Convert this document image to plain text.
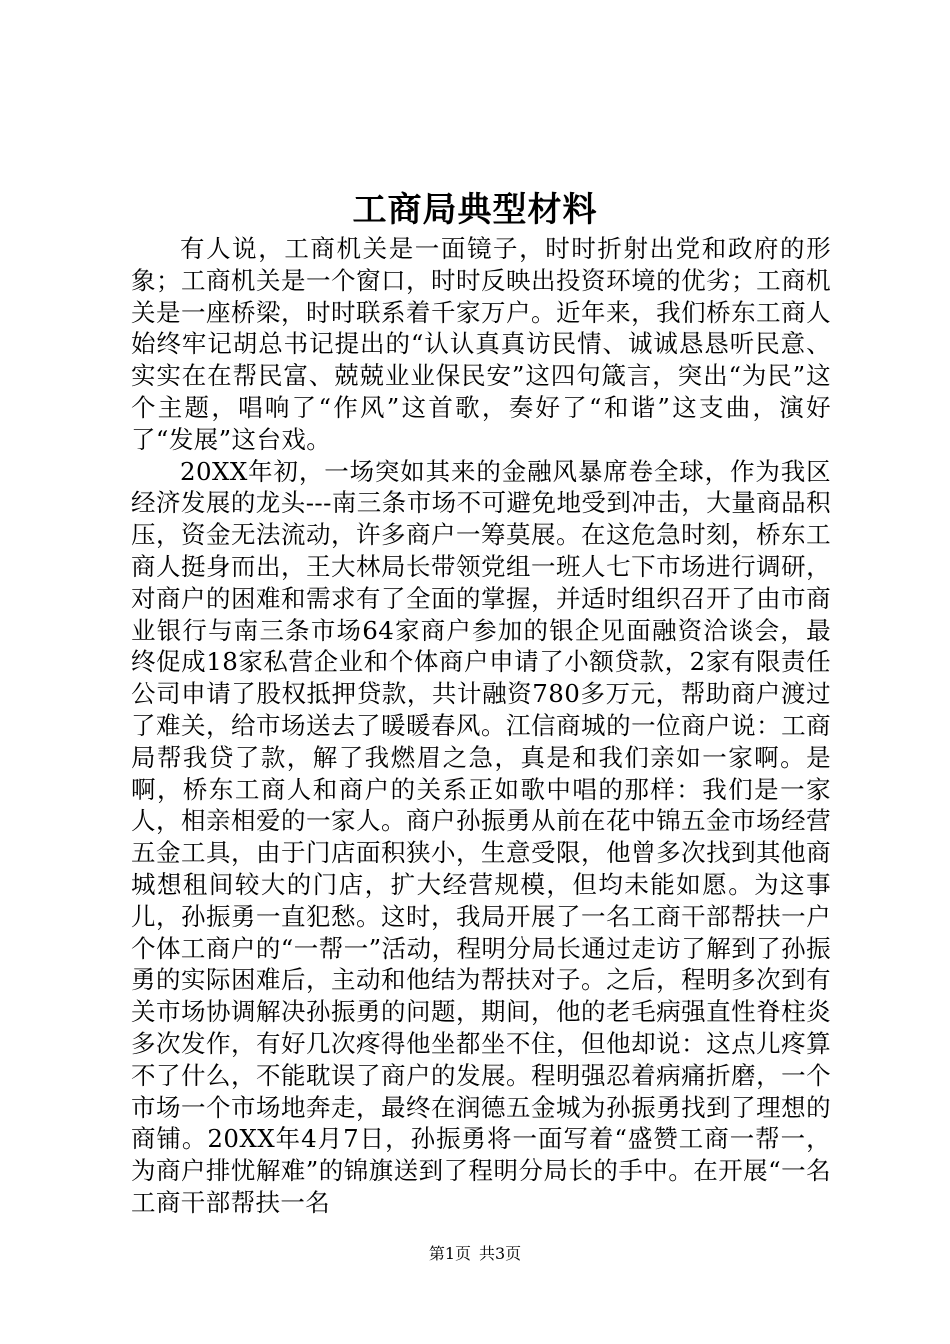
工商局典型材料

有人说，工商机关是一面镜子，时时折射出党和政府的形象；工商机关是一个窗口，时时反映出投资环境的优劣；工商机关是一座桥梁，时时联系着千家万户。近年来，我们桥东工商人始终牢记胡总书记提出的“认认真真访民情、诚诚恳恳听民意、实实在在帮民富、兢兢业业保民安”这四句箴言，突出“为民”这个主题，唱响了“作风”这首歌，奏好了“和谐”这支曲，演好了“发展”这台戏。

20XX年初，一场突如其来的金融风暴席卷全球，作为我区经济发展的龙头---南三条市场不可避免地受到冲击，大量商品积压，资金无法流动，许多商户一筹莫展。在这危急时刻，桥东工商人挺身而出，王大林局长带领党组一班人七下市场进行调研，对商户的困难和需求有了全面的掌握，并适时组织召开了由市商业银行与南三条市场64家商户参加的银企见面融资洽谈会，最终促成18家私营企业和个体商户申请了小额贷款，2家有限责任公司申请了股权抵押贷款，共计融资780多万元，帮助商户渡过了难关，给市场送去了暖暖春风。江信商城的一位商户说：工商局帮我贷了款，解了我燃眉之急，真是和我们亲如一家啊。是啊，桥东工商人和商户的关系正如歌中唱的那样：我们是一家人，相亲相爱的一家人。商户孙振勇从前在花中锦五金市场经营五金工具，由于门店面积狭小，生意受限，他曾多次找到其他商城想租间较大的门店，扩大经营规模，但均未能如愿。为这事儿，孙振勇一直犯愁。这时，我局开展了一名工商干部帮扶一户个体工商户的“一帮一”活动，程明分局长通过走访了解到了孙振勇的实际困难后，主动和他结为帮扶对子。之后，程明多次到有关市场协调解决孙振勇的问题，期间，他的老毛病强直性脊柱炎多次发作，有好几次疼得他坐都坐不住，但他却说：这点儿疼算不了什么，不能耽误了商户的发展。程明强忍着病痛折磨，一个市场一个市场地奔走，最终在润德五金城为孙振勇找到了理想的商铺。20XX年4月7日，孙振勇将一面写着“盛赞工商一帮一，为商户排忧解难”的锦旗送到了程明分局长的手中。在开展“一名工商干部帮扶一名

第1页 共3页
